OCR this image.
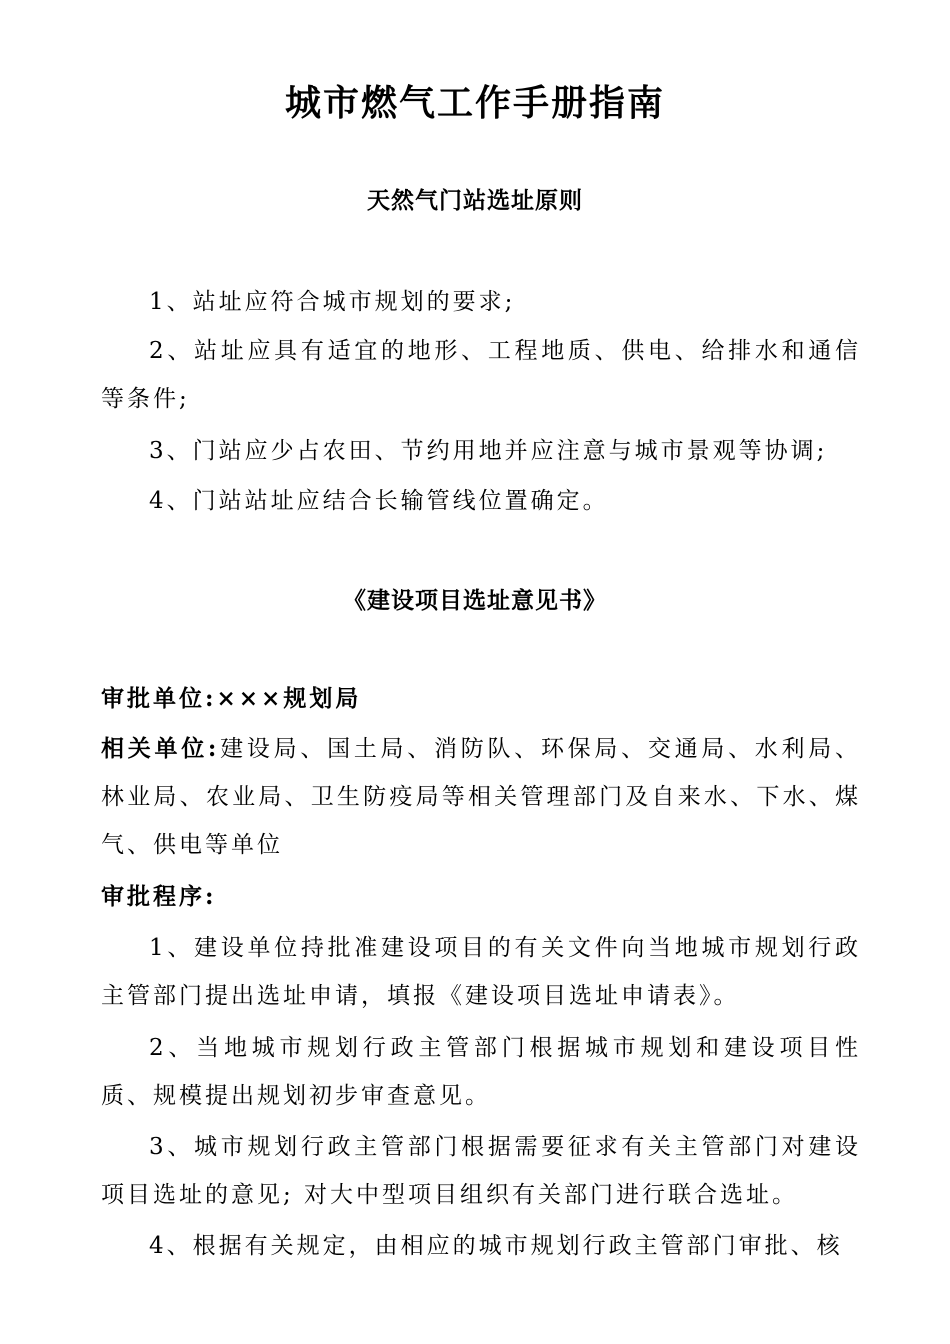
城市燃气工作手册指南
天然气门站选址原则

1、站址应符合城市规划的要求;

2、站址应具有适宜的地形、工程地质、供电、给排水和通信等条件;

3、门站应少占农田、节约用地并应注意与城市景观等协调;

4、门站站址应结合长输管线位置确定。

《建设项目选址意见书》

审批单位:×××规划局

相关单位:建设局、国土局、消防队、环保局、交通局、水利局、林业局、农业局、卫生防疫局等相关管理部门及自来水、下水、煤气、供电等单位

审批程序:

1、建设单位持批准建设项目的有关文件向当地城市规划行政主管部门提出选址申请，填报《建设项目选址申请表》。

2、当地城市规划行政主管部门根据城市规划和建设项目性质、规模提出规划初步审查意见。

3、城市规划行政主管部门根据需要征求有关主管部门对建设项目选址的意见; 对大中型项目组织有关部门进行联合选址。

4、根据有关规定，由相应的城市规划行政主管部门审批、核
